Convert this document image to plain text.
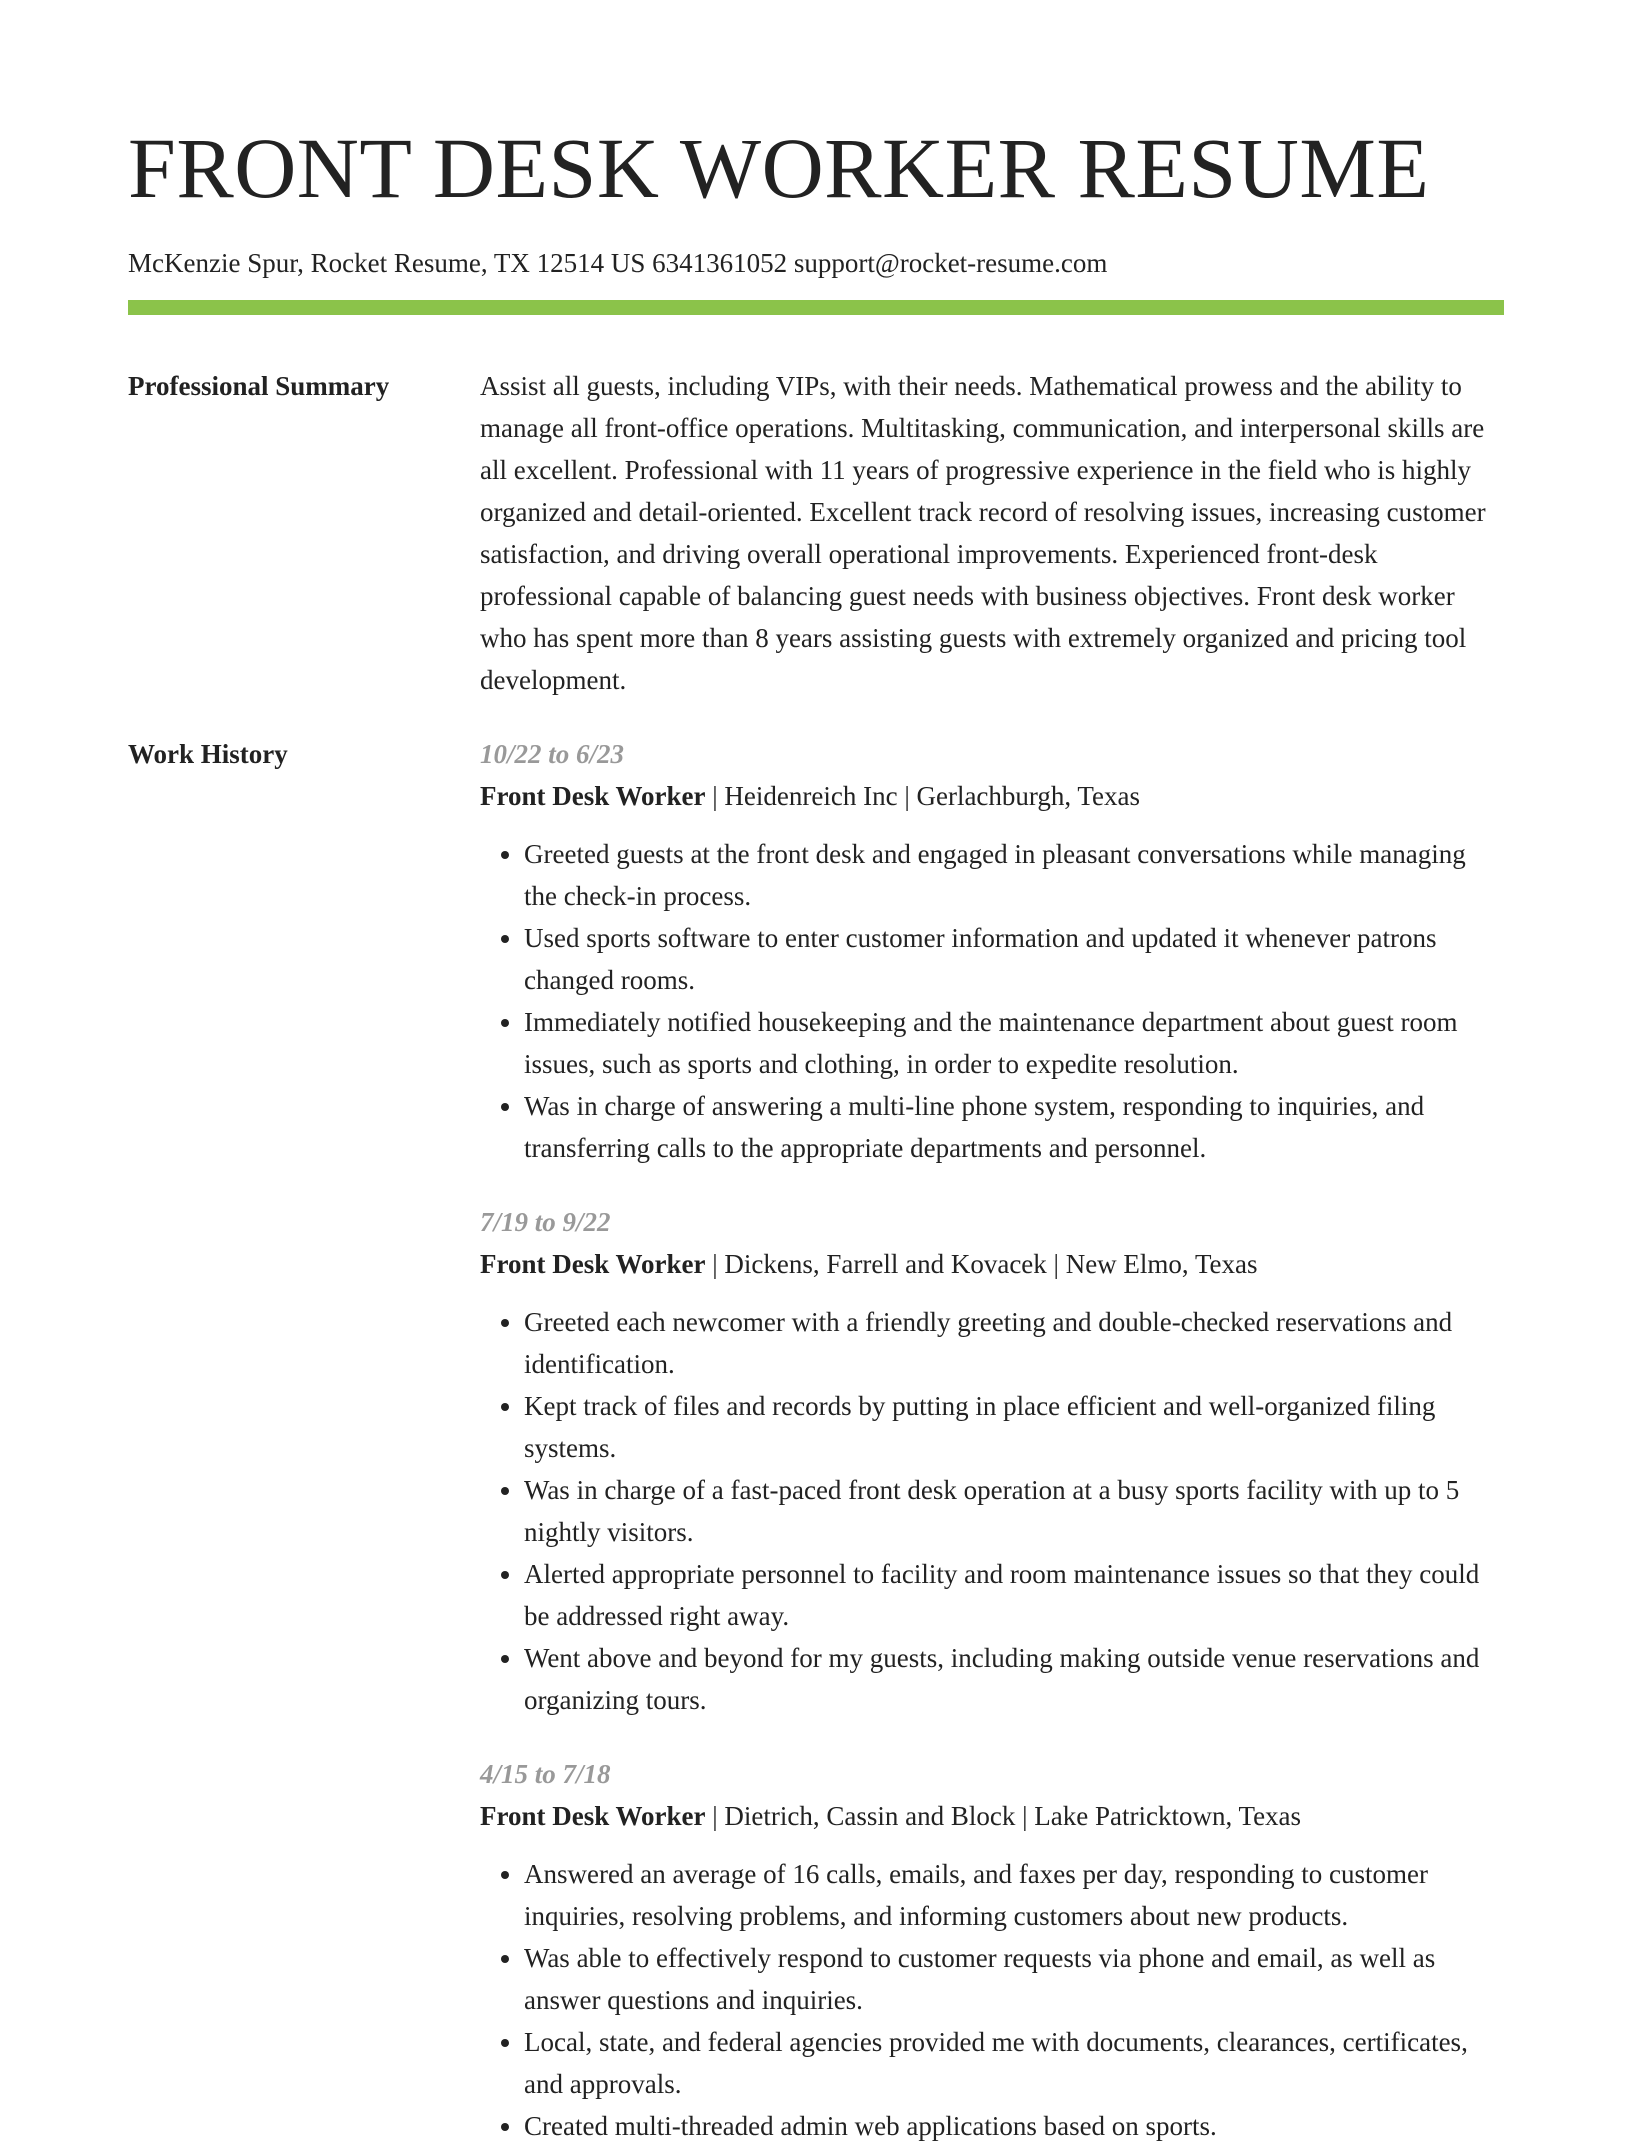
FRONT DESK WORKER RESUME
McKenzie Spur, Rocket Resume, TX 12514 US 6341361052 support@rocket-resume.com
Professional Summary	Assist all guests, including VIPs, with their needs. Mathematical prowess and the ability to manage all front-office operations. Multitasking, communication, and interpersonal skills are all excellent. Professional with 11 years of progressive experience in the field who is highly organized and detail-oriented. Excellent track record of resolving issues, increasing customer satisfaction, and driving overall operational improvements. Experienced front-desk professional capable of balancing guest needs with business objectives. Front desk worker who has spent more than 8 years assisting guests with extremely organized and pricing tool development.

Work History	10/22 to 6/23
Front Desk Worker | Heidenreich Inc | Gerlachburgh, Texas
• Greeted guests at the front desk and engaged in pleasant conversations while managing the check-in process.
• Used sports software to enter customer information and updated it whenever patrons changed rooms.
• Immediately notified housekeeping and the maintenance department about guest room issues, such as sports and clothing, in order to expedite resolution.
• Was in charge of answering a multi-line phone system, responding to inquiries, and transferring calls to the appropriate departments and personnel.
7/19 to 9/22
Front Desk Worker | Dickens, Farrell and Kovacek | New Elmo, Texas
• Greeted each newcomer with a friendly greeting and double-checked reservations and identification.
• Kept track of files and records by putting in place efficient and well-organized filing systems.
• Was in charge of a fast-paced front desk operation at a busy sports facility with up to 5 nightly visitors.
• Alerted appropriate personnel to facility and room maintenance issues so that they could be addressed right away.
• Went above and beyond for my guests, including making outside venue reservations and organizing tours.
4/15 to 7/18
Front Desk Worker | Dietrich, Cassin and Block | Lake Patricktown, Texas
• Answered an average of 16 calls, emails, and faxes per day, responding to customer inquiries, resolving problems, and informing customers about new products.
• Was able to effectively respond to customer requests via phone and email, as well as answer questions and inquiries.
• Local, state, and federal agencies provided me with documents, clearances, certificates, and approvals.
• Created multi-threaded admin web applications based on sports.
